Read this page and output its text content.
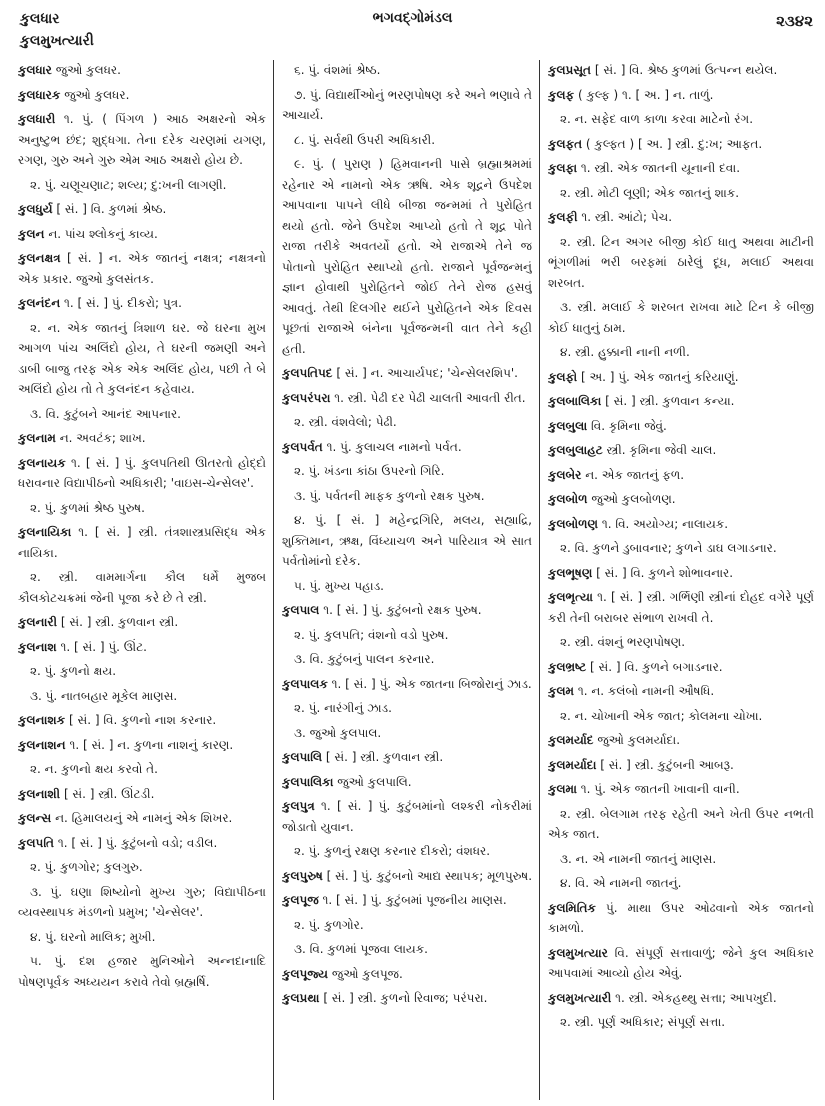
કુલધાર
કુલમુખત્યારી
ભગવદ્ગોમંડલ	૨૩૪૨

કુલધાર જુઓ કુલધર.

કુલધારક જુઓ કુલધર.

કુલધારી ૧. પું. ( પિંગળ ) આઠ અક્ષરનો એક અનુષ્ટુભ છંદ; શુદ્ધગા. તેના દરેક ચરણમાં યગણ, રગણ, ગુરુ અને ગુરુ એમ આઠ અક્ષરો હોય છે.

૨. પું. ચણૂચણાટ; શલ્ય; દુ:ખની લાગણી.

કુલધુર્ય [ સં. ] વિ. કુળમાં શ્રેષ્ઠ.

કુલન ન. પાંચ શ્લોકનું કાવ્ય.

કુલનક્ષત્ર [ સં. ] ન. એક જાતનું નક્ષત્ર; નક્ષત્રનો એક પ્રકાર. જુઓ કુલસંતક.

કુલનંદન ૧. [ સં. ] પું. દીકરો; પુત્ર.

૨. ન. એક જાતનું ત્રિશાળ ઘર. જે ઘરના મુખ આગળ પાંચ અલિંદો હોય, તે ઘરની જમણી અને ડાબી બાજુ તરફ એક એક અલિંદ હોય, પછી તે બે અલિંદો હોય તો તે કુલનંદન કહેવાય.

૩. વિ. કુટુંબને આનંદ આપનાર.

કુલનામ ન. અવટંક; શાખ.

કુલનાયક ૧. [ સં. ] પું. કુલપતિથી ઊતરતો હોદ્દો ધરાવનાર વિદ્યાપીઠનો અધિકારી; 'વાઇસ-ચેન્સેલર'.

૨. પું. કુળમાં શ્રેષ્ઠ પુરુષ.

કુલનાયિકા ૧. [ સં. ] સ્ત્રી. તંત્રશાસ્ત્રપ્રસિદ્ધ એક નાયિકા.

૨. સ્ત્રી. વામમાર્ગના કૌલ ધર્મે મુજબ કૌલકોટચક્રમાં જેની પૂજા કરે છે તે સ્ત્રી.

કુલનારી [ સં. ] સ્ત્રી. કુળવાન સ્ત્રી.

કુલનાશ ૧. [ સં. ] પું. ઊંટ.

૨. પું. કુળનો ક્ષય.

૩. પું. નાતબહાર મૂકેલ માણસ.

કુલનાશક [ સં. ] વિ. કુળનો નાશ કરનાર.

કુલનાશન ૧. [ સં. ] ન. કુળના નાશનું કારણ.

૨. ન. કુળનો ક્ષય કરવો તે.

કુલનાશી [ સં. ] સ્ત્રી. ઊંટડી.

કુલન્સ ન. હિમાલયનું એ નામનું એક શિખર.

કુલપતિ ૧. [ સં. ] પું. કુટુંબનો વડો; વડીલ.

૨. પું. કુળગોર; કુલગુરુ.

૩. પું. ઘણા શિષ્યોનો મુખ્ય ગુરુ; વિદ્યાપીઠના વ્યવસ્થાપક મંડળનો પ્રમુખ; 'ચેન્સેલર'.

૪. પું. ઘરનો માલિક; મુખી.

૫. પું. દશ હજાર મુનિઓને અન્નદાનાદિ પોષણપૂર્વક અધ્યયન કરાવે તેવો બ્રહ્મર્ષિ.

૬. પું. વંશમાં શ્રેષ્ઠ.

૭. પું. વિદ્યાર્થીઓનું ભરણપોષણ કરે અને ભણાવે તે આચાર્ય.

૮. પું. સર્વથી ઉપરી અધિકારી.

૯. પું. ( પુરાણ ) હિમવાનની પાસે બ્રહ્માશ્રમમાં રહેનાર એ નામનો એક ઋષિ. એક શૂદ્રને ઉપદેશ આપવાના પાપને લીધે બીજા જન્મમાં તે પુરોહિત થયો હતો. જેને ઉપદેશ આપ્યો હતો તે શૂદ્ર પોતે રાજા તરીકે અવતર્યો હતો. એ રાજાએ તેને જ પોતાનો પુરોહિત સ્થાપ્યો હતો. રાજાને પૂર્વજન્મનું જ્ઞાન હોવાથી પુરોહિતને જોઈ તેને રોજ હસવું આવતું. તેથી દિલગીર થઈને પુરોહિતને એક દિવસ પૂછતાં રાજાએ બંનેના પૂર્વજન્મની વાત તેને કહી હતી.

કુલપતિપદ [ સં. ] ન. આચાર્યપદ; 'ચેન્સેલરશિપ'.

કુલપરંપરા ૧. સ્ત્રી. પેઢી દર પેઢી ચાલતી આવતી રીત.

૨. સ્ત્રી. વંશવેલો; પેઢી.

કુલપર્વત ૧. પું. કુલાચલ નામનો પર્વત.

૨. પું. ખંડના કાંઠા ઉપરનો ગિરિ.

૩. પું. પર્વતની માફક કુળનો રક્ષક પુરુષ.

૪. પું. [ સં. ] મહેન્દ્રગિરિ, મલય, સહ્યાદ્રિ, શુક્તિમાન, ઋક્ષ, વિંધ્યાચળ અને પારિયાત્ર એ સાત પર્વતોમાંનો દરેક.

૫. પું. મુખ્ય પહાડ.

કુલપાલ ૧. [ સં. ] પું. કુટુંબનો રક્ષક પુરુષ.

૨. પું. કુલપતિ; વંશનો વડો પુરુષ.

૩. વિ. કુટુંબનું પાલન કરનાર.

કુલપાલક ૧. [ સં. ] પું. એક જાતના બિજોરાનું ઝાડ.

૨. પું. નારંગીનું ઝાડ.

૩. જુઓ કુલપાલ.

કુલપાલિ [ સં. ] સ્ત્રી. કુળવાન સ્ત્રી.

કુલપાલિકા જુઓ કુલપાલિ.

કુલપુત્ર ૧. [ સં. ] પું. કુટુંબમાંનો લશ્કરી નોકરીમાં જોડાતો યુવાન.

૨. પું. કુળનું રક્ષણ કરનાર દીકરો; વંશધર.

કુલપુરુષ [ સં. ] પું. કુટુંબનો આદ્ય સ્થાપક; મૂળપુરુષ.

કુલપૂજ ૧. [ સં. ] પું. કુટુંબમાં પૂજનીય માણસ.

૨. પું. કુળગોર.

૩. વિ. કુળમાં પૂજવા લાયક.

કુલપૂજ્ય જુઓ કુલપૂજ.

કુલપ્રથા [ સં. ] સ્ત્રી. કુળનો રિવાજ; પરંપરા.

કુલપ્રસૂત [ સં. ] વિ. શ્રેષ્ઠ કુળમાં ઉત્પન્ન થયેલ.

કુલફ ( કુલ્ફ ) ૧. [ અ. ] ન. તાળું.

૨. ન. સફેદ વાળ કાળા કરવા માટેનો રંગ.

કુલફત ( કુલ્ફત ) [ અ. ] સ્ત્રી. દુ:ખ; આફત.

કુલફા ૧. સ્ત્રી. એક જાતની યૂનાની દવા.

૨. સ્ત્રી. મોટી લૂણી; એક જાતનું શાક.

કુલફી ૧. સ્ત્રી. આંટો; પેચ.

૨. સ્ત્રી. ટિન અગર બીજી કોઈ ધાતુ અથવા માટીની ભૂંગળીમાં ભરી બરફમાં ઠારેલું દૂધ, મલાઈ અથવા શરબત.

૩. સ્ત્રી. મલાઈ કે શરબત રાખવા માટે ટિન કે બીજી કોઈ ધાતુનું ઠામ.

૪. સ્ત્રી. હુક્કાની નાની નળી.

કુલફો [ અ. ] પું. એક જાતનું કરિયાણું.

કુલબાલિકા [ સં. ] સ્ત્રી. કુળવાન કન્યા.

કુલબુલા વિ. કૃમિના જેવું.

કુલબુલાહટ સ્ત્રી. કૃમિના જેવી ચાલ.

કુલબેર ન. એક જાતનું ફળ.

કુલબોળ જુઓ કુલબોળણ.

કુલબોળણ ૧. વિ. અયોગ્ય; નાલાયક.

૨. વિ. કુળને ડુબાવનાર; કુળને ડાઘ લગાડનાર.

કુલભૂષણ [ સં. ] વિ. કુળને શોભાવનાર.

કુલભૃત્યા ૧. [ સં. ] સ્ત્રી. ગર્ભિણી સ્ત્રીનાં દોહદ વગેરે પૂર્ણ કરી તેની બરાબર સંભાળ રાખવી તે.

૨. સ્ત્રી. વંશનું ભરણપોષણ.

કુલભ્રષ્ટ [ સં. ] વિ. કુળને બગાડનાર.

કુલમ ૧. ન. કલંબો નામની ઔષધિ.

૨. ન. ચોખાની એક જાત; કોલમના ચોખા.

કુલમર્યાદ જુઓ કુલમર્યાદા.

કુલમર્યાદા [ સં. ] સ્ત્રી. કુટુંબની આબરૂ.

કુલમા ૧. પું. એક જાતની ખાવાની વાની.

૨. સ્ત્રી. બેલગામ તરફ રહેતી અને ખેતી ઉપર નભતી એક જાત.

૩. ન. એ નામની જાતનું માણસ.

૪. વિ. એ નામની જાતનું.

કુલમિતિક પું. માથા ઉપર ઓઢવાનો એક જાતનો કામળો.

કુલમુખત્યાર વિ. સંપૂર્ણ સત્તાવાળું; જેને કુલ અધિકાર આપવામાં આવ્યો હોય એવું.

કુલમુખત્યારી ૧. સ્ત્રી. એકહથ્થુ સત્તા; આપખુદી.

૨. સ્ત્રી. પૂર્ણ અધિકાર; સંપૂર્ણ સત્તા.
